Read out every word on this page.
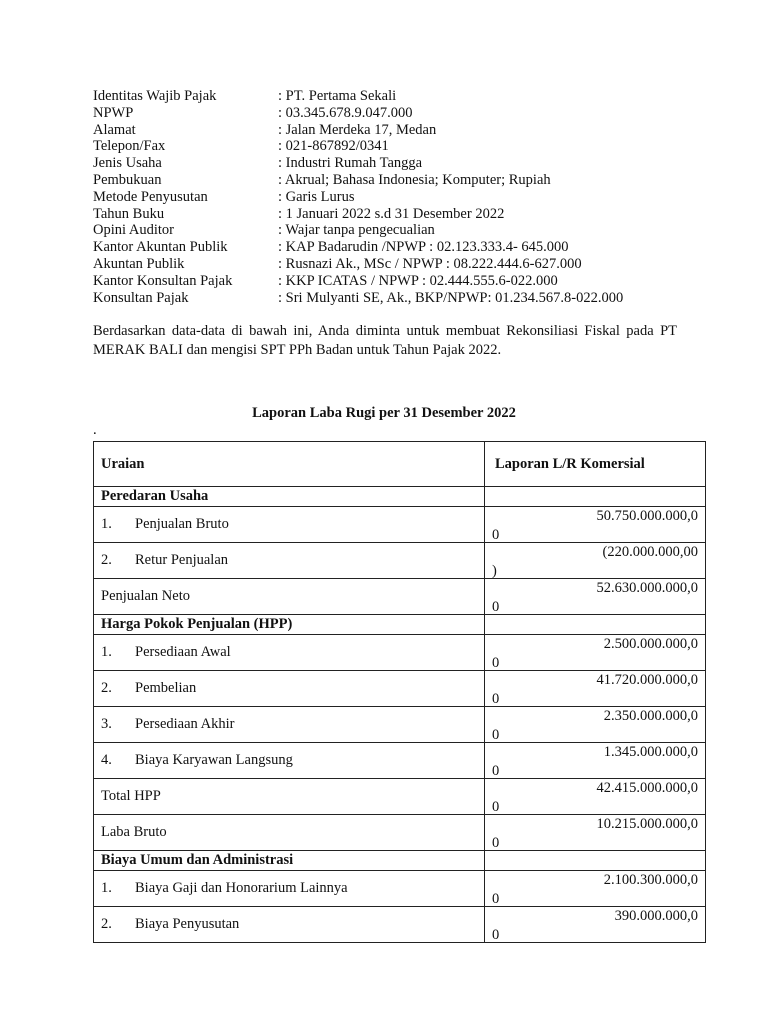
Identitas Wajib Pajak	: PT. Pertama Sekali
NPWP	: 03.345.678.9.047.000
Alamat	: Jalan Merdeka 17, Medan
Telepon/Fax	: 021-867892/0341
Jenis Usaha	: Industri Rumah Tangga
Pembukuan	: Akrual; Bahasa Indonesia; Komputer; Rupiah
Metode Penyusutan	: Garis Lurus
Tahun Buku	: 1 Januari 2022 s.d 31 Desember 2022
Opini Auditor	: Wajar tanpa pengecualian
Kantor Akuntan Publik	: KAP Badarudin /NPWP : 02.123.333.4- 645.000
Akuntan Publik	: Rusnazi Ak., MSc / NPWP : 08.222.444.6-627.000
Kantor Konsultan Pajak	: KKP ICATAS / NPWP : 02.444.555.6-022.000
Konsultan Pajak	: Sri Mulyanti SE, Ak., BKP/NPWP: 01.234.567.8-022.000
Berdasarkan data-data di bawah ini, Anda diminta untuk membuat Rekonsiliasi Fiskal pada PT MERAK BALI dan mengisi SPT PPh Badan untuk Tahun Pajak 2022.
Laporan Laba Rugi per 31 Desember 2022
.
Uraian	Laporan L/R Komersial
Peredaran Usaha	
1. Penjualan Bruto	50.750.000.000,0
0

2. Retur Penjualan	(220.000.000,00
)

Penjualan Neto	52.630.000.000,0
0

Harga Pokok Penjualan (HPP)	
1. Persediaan Awal	2.500.000.000,0
0

2. Pembelian	41.720.000.000,0
0

3. Persediaan Akhir	2.350.000.000,0
0

4. Biaya Karyawan Langsung	1.345.000.000,0
0

Total HPP	42.415.000.000,0
0

Laba Bruto	10.215.000.000,0
0

Biaya Umum dan Administrasi	
1. Biaya Gaji dan Honorarium Lainnya	2.100.300.000,0
0

2. Biaya Penyusutan	390.000.000,0
0
